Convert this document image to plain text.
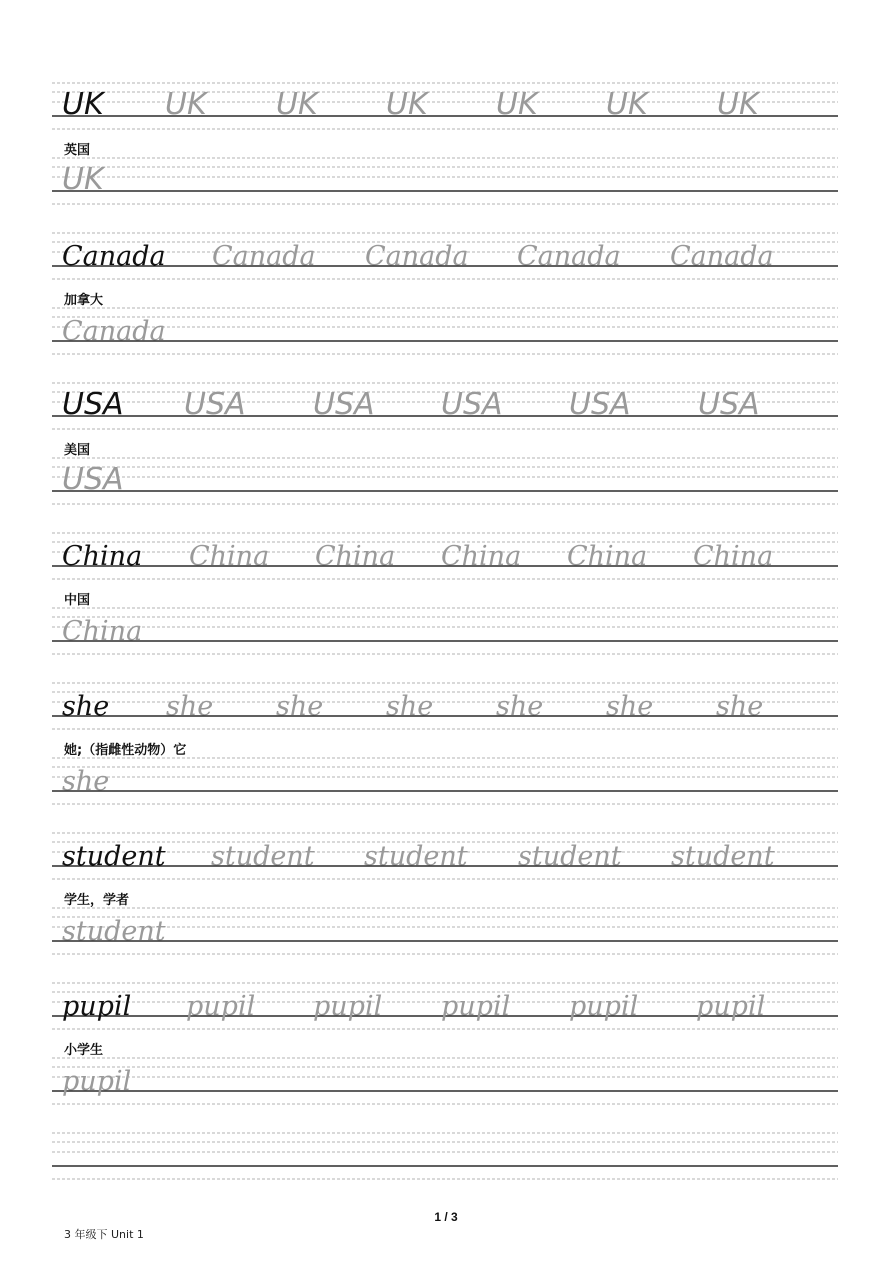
UK UK UK UK UK UK UK
英国
UK
Canada Canada Canada Canada Canada
加拿大
Canada
USA USA USA USA USA USA
美国
USA
China China China China China China
中国
China
she she she she she she she
她;（指雌性动物）它
she
student student student student student
学生，学者
student
pupil pupil pupil pupil pupil pupil
小学生
pupil
1 / 3
3 年级下 Unit 1
